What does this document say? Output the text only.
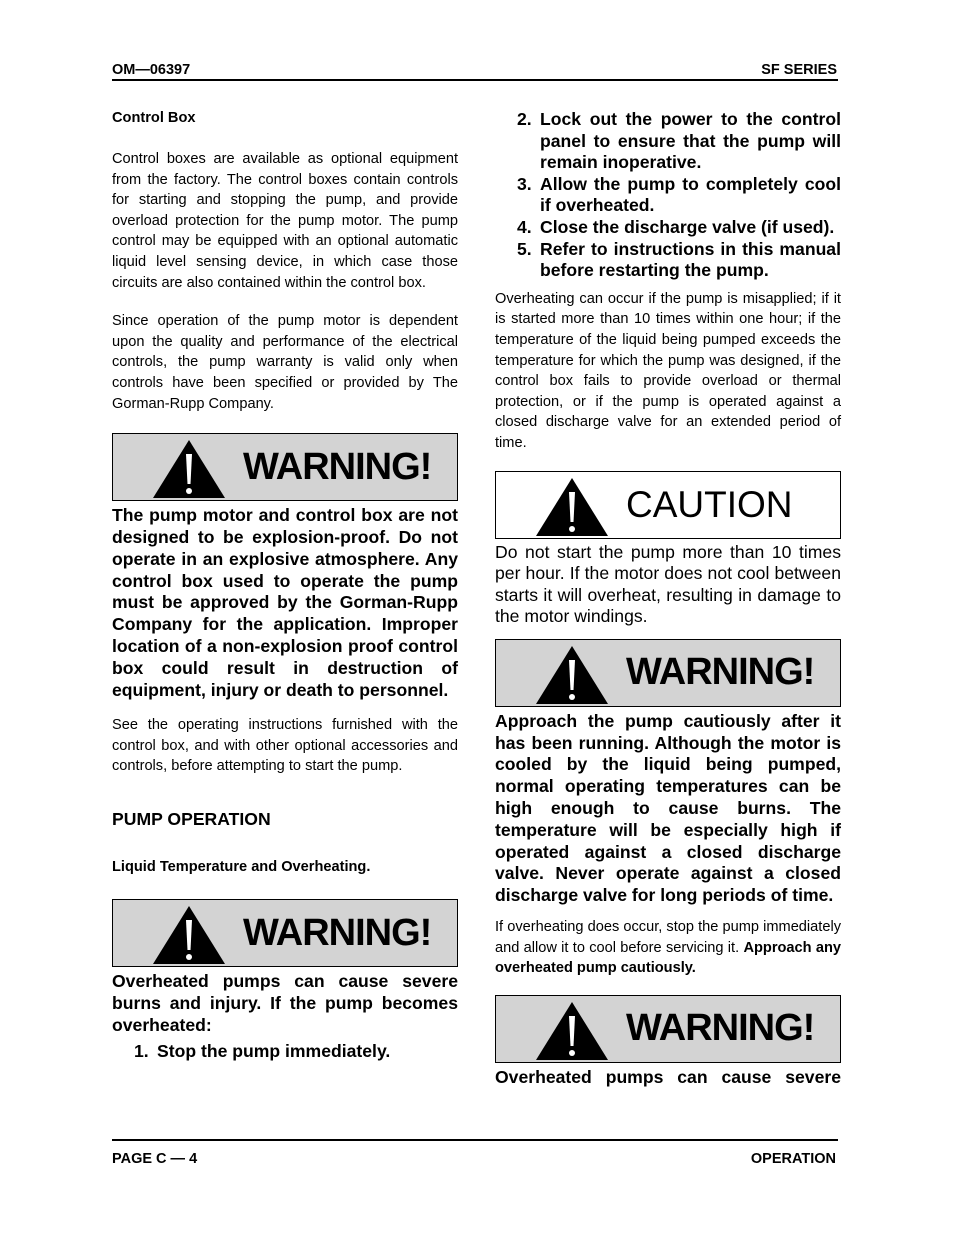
OM—06397	SF SERIES

Control Box

Control boxes are available as optional equipment from the factory. The control boxes contain controls for starting and stopping the pump, and provide overload protection for the pump motor. The pump control may be equipped with an optional automatic liquid level sensing device, in which case those circuits are also contained within the control box.

Since operation of the pump motor is dependent upon the quality and performance of the electrical controls, the pump warranty is valid only when controls have been specified or provided by The Gorman-Rupp Company.

WARNING!

The pump motor and control box are not designed to be explosion-proof. Do not operate in an explosive atmosphere. Any control box used to operate the pump must be approved by the Gorman-Rupp Company for the application. Improper location of a non-explosion proof control box could result in destruction of equipment, injury or death to personnel.

See the operating instructions furnished with the control box, and with other optional accessories and controls, before attempting to start the pump.

PUMP OPERATION

Liquid Temperature and Overheating.

WARNING!

Overheated pumps can cause severe burns and injury. If the pump becomes overheated:

1. Stop the pump immediately.
2. Lock out the power to the control panel to ensure that the pump will remain inoperative.
3. Allow the pump to completely cool if overheated.
4. Close the discharge valve (if used).
5. Refer to instructions in this manual before restarting the pump.

Overheating can occur if the pump is misapplied; if it is started more than 10 times within one hour; if the temperature of the liquid being pumped exceeds the temperature for which the pump was designed, if the control box fails to provide overload or thermal protection, or if the pump is operated against a closed discharge valve for an extended period of time.

CAUTION

Do not start the pump more than 10 times per hour. If the motor does not cool between starts it will overheat, resulting in damage to the motor windings.

WARNING!

Approach the pump cautiously after it has been running. Although the motor is cooled by the liquid being pumped, normal operating temperatures can be high enough to cause burns. The temperature will be especially high if operated against a closed discharge valve. Never operate against a closed discharge valve for long periods of time.

If overheating does occur, stop the pump immediately and allow it to cool before servicing it. Approach any overheated pump cautiously.

WARNING!

Overheated pumps can cause severe

PAGE C — 4	OPERATION
